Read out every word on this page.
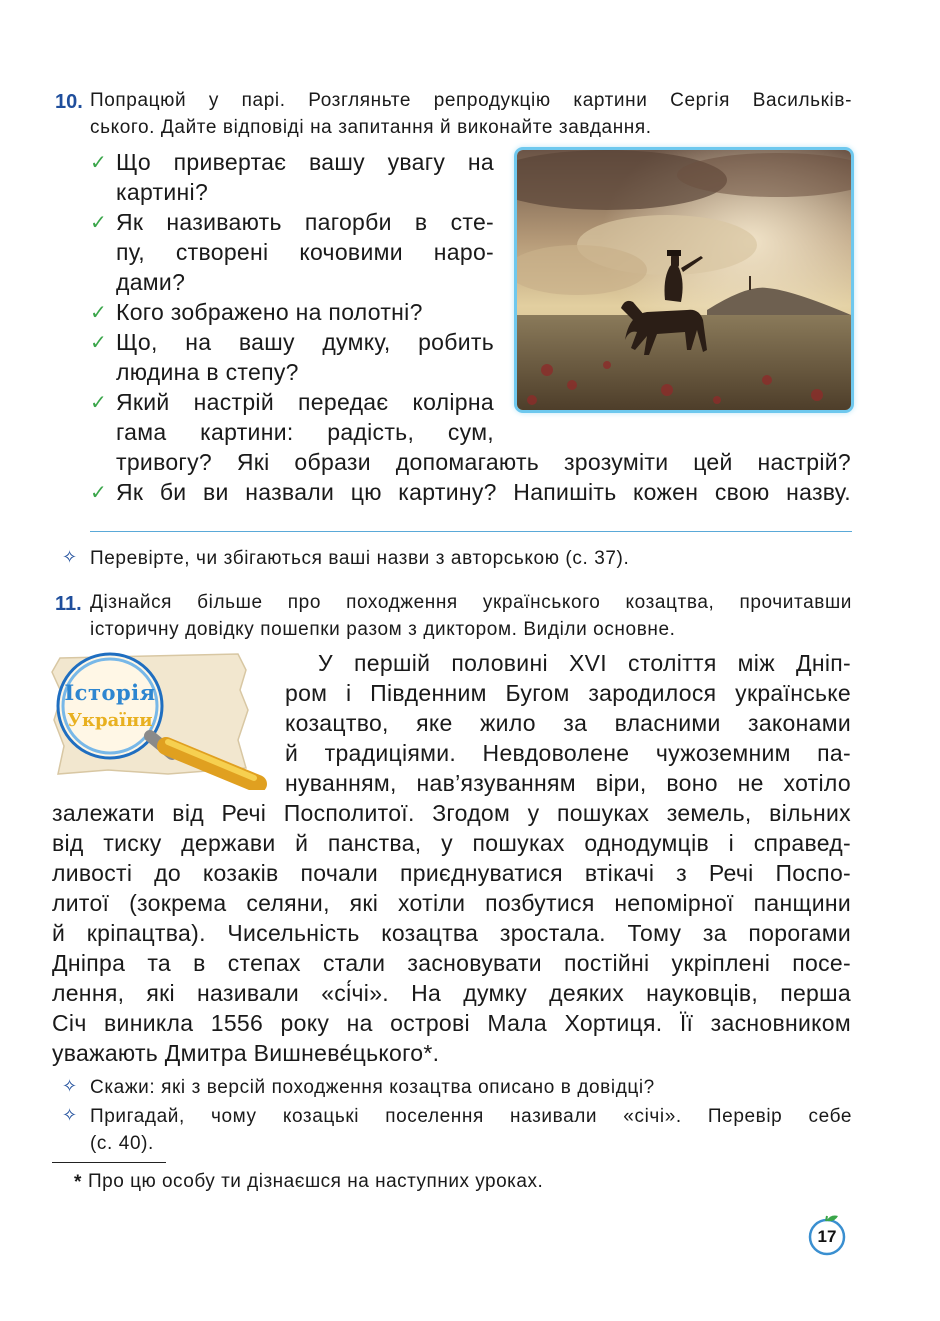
10. Попрацюй у парі. Розгляньте репродукцію картини Сергія Васильків-
ського. Дайте відповіді на запитання й виконайте завдання.
✓ Що привертає вашу увагу на
картині?
✓ Як називають пагорби в сте-
пу, створені кочовими наро-
дами?
✓ Кого зображено на полотні?
✓ Що, на вашу думку, робить
людина в степу?
✓ Який настрій передає колірна
гама картини: радість, сум,
тривогу? Які образи допомагають зрозуміти цей настрій?
✓ Як би ви назвали цю картину? Напишіть кожен свою назву.
✧ Перевірте, чи збігаються ваші назви з авторською (с. 37).
11. Дізнайся більше про походження українського козацтва, прочитавши
історичну довідку пошепки разом з диктором. Виділи основне.
Історія
України
У першій половині XVI століття між Дніп-
ром і Південним Бугом зародилося українське
козацтво, яке жило за власними законами
й традиціями. Невдоволене чужоземним па-
нуванням, нав’язуванням віри, воно не хотіло
залежати від Речі Посполитої. Згодом у пошуках земель, вільних
від тиску держави й панства, у пошуках однодумців і справед-
ливості до козаків почали приєднуватися втікачі з Речі Поспо-
литої (зокрема селяни, які хотіли позбутися непомірної панщини
й кріпацтва). Чисельність козацтва зростала. Тому за порогами
Дніпра та в степах стали засновувати постійні укріплені посе-
лення, які називали «сі́чі». На думку деяких науковців, перша
Січ виникла 1556 року на острові Мала Хортиця. Її засновником
уважають Дмитра Вишневе́цького*.
✧ Скажи: які з версій походження козацтва описано в довідці?
✧ Пригадай, чому козацькі поселення називали «січі». Перевір себе
(с. 40).
* Про цю особу ти дізнаєшся на наступних уроках.
17
